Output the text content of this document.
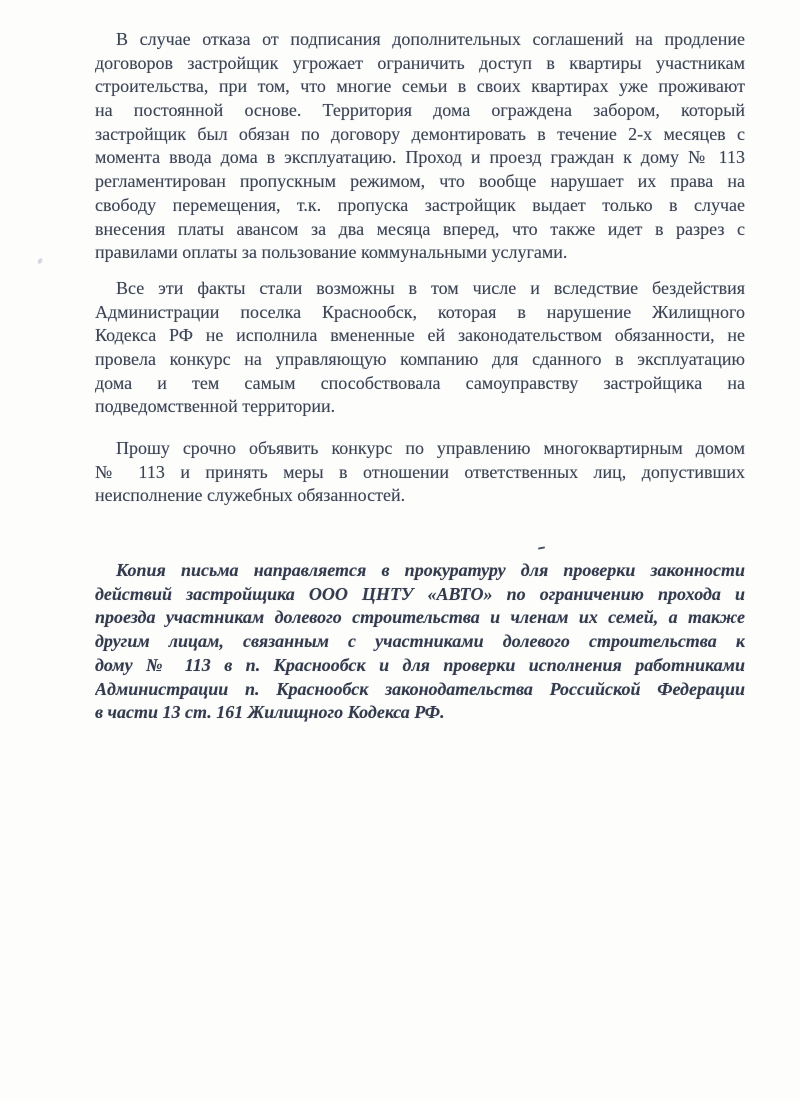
В случае отказа от подписания дополнительных соглашений на продление
договоров застройщик угрожает ограничить доступ в квартиры участникам
строительства, при том, что многие семьи в своих квартирах уже проживают
на постоянной основе. Территория дома ограждена забором, который
застройщик был обязан по договору демонтировать в течение 2-х месяцев с
момента ввода дома в эксплуатацию. Проход и проезд граждан к дому № 113
регламентирован пропускным режимом, что вообще нарушает их права на
свободу перемещения, т.к. пропуска застройщик выдает только в случае
внесения платы авансом за два месяца вперед, что также идет в разрез с
правилами оплаты за пользование коммунальными услугами.
Все эти факты стали возможны в том числе и вследствие бездействия
Администрации поселка Краснообск, которая в нарушение Жилищного
Кодекса РФ не исполнила вмененные ей законодательством обязанности, не
провела конкурс на управляющую компанию для сданного в эксплуатацию
дома и тем самым способствовала самоуправству застройщика на
подведомственной территории.
Прошу срочно объявить конкурс по управлению многоквартирным домом
№ 113 и принять меры в отношении ответственных лиц, допустивших
неисполнение служебных обязанностей.
Копия письма направляется в прокуратуру для проверки законности
действий застройщика ООО ЦНТУ «АВТО» по ограничению прохода и
проезда участникам долевого строительства и членам их семей, а также
другим лицам, связанным с участниками долевого строительства к
дому № 113 в п. Краснообск и для проверки исполнения работниками
Администрации п. Краснообск законодательства Российской Федерации
в части 13 ст. 161 Жилищного Кодекса РФ.
